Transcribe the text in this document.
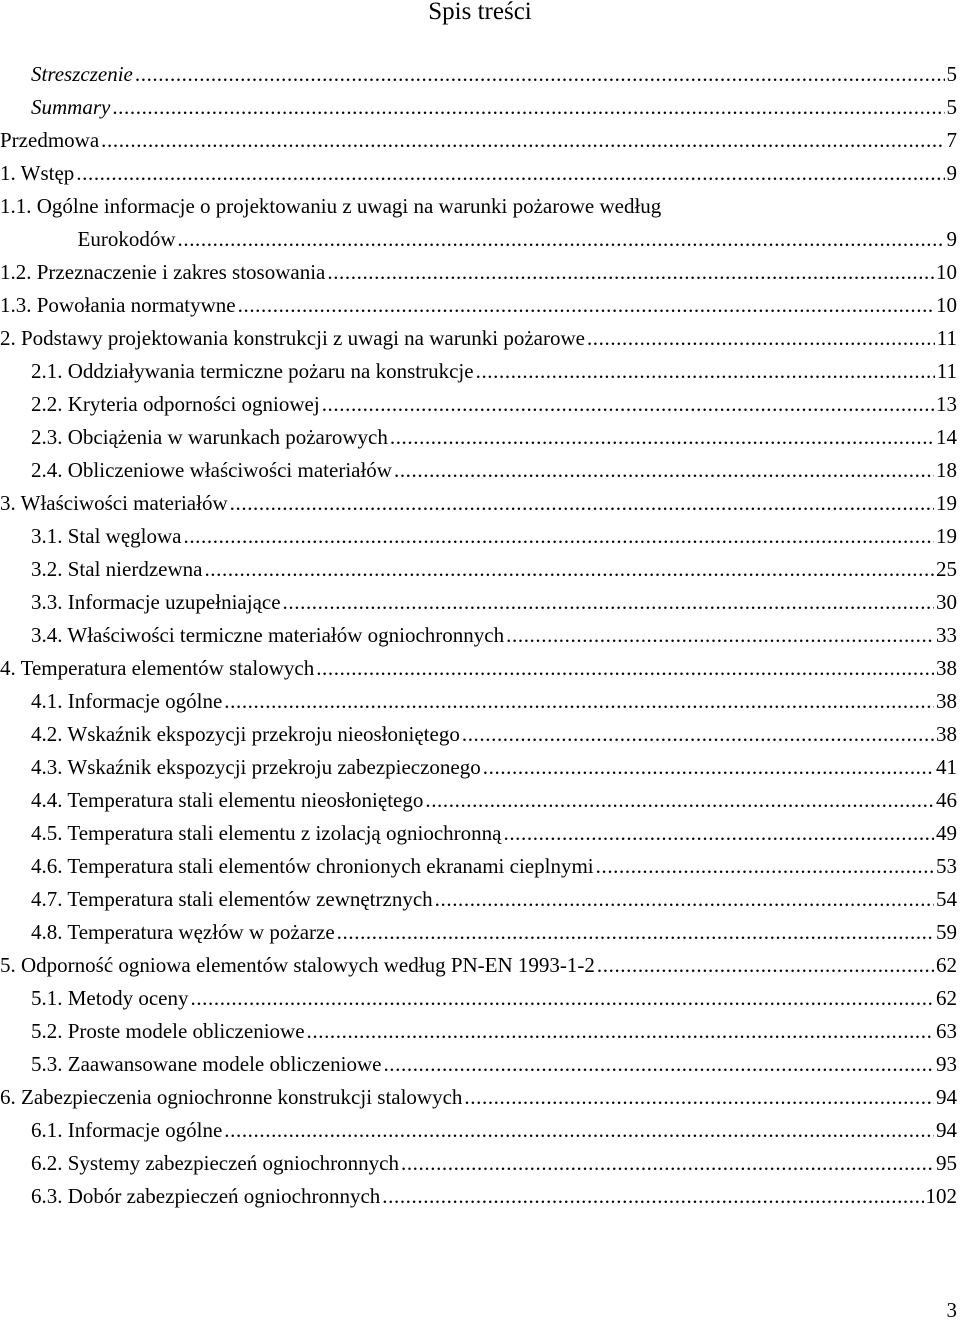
Spis treści
Streszczenie .....	5
Summary .....	5
Przedmowa .....	7
1. Wstęp .....	9
1.1. Ogólne informacje o projektowaniu z uwagi na warunki pożarowe według
Eurokodów .....	9
1.2. Przeznaczenie i zakres stosowania .....	10
1.3. Powołania normatywne .....	10
2. Podstawy projektowania konstrukcji z uwagi na warunki pożarowe .....	11
2.1. Oddziaływania termiczne pożaru na konstrukcje .....	11
2.2. Kryteria odporności ogniowej .....	13
2.3. Obciążenia w warunkach pożarowych .....	14
2.4. Obliczeniowe właściwości materiałów .....	18
3. Właściwości materiałów .....	19
3.1. Stal węglowa .....	19
3.2. Stal nierdzewna .....	25
3.3. Informacje uzupełniające .....	30
3.4. Właściwości termiczne materiałów ogniochronnych .....	33
4. Temperatura elementów stalowych .....	38
4.1. Informacje ogólne .....	38
4.2. Wskaźnik ekspozycji przekroju nieosłoniętego .....	38
4.3. Wskaźnik ekspozycji przekroju zabezpieczonego .....	41
4.4. Temperatura stali elementu nieosłoniętego .....	46
4.5. Temperatura stali elementu z izolacją ogniochronną .....	49
4.6. Temperatura stali elementów chronionych ekranami cieplnymi .....	53
4.7. Temperatura stali elementów zewnętrznych .....	54
4.8. Temperatura węzłów w pożarze .....	59
5. Odporność ogniowa elementów stalowych według PN-EN 1993-1-2 .....	62
5.1. Metody oceny .....	62
5.2. Proste modele obliczeniowe .....	63
5.3. Zaawansowane modele obliczeniowe .....	93
6. Zabezpieczenia ogniochronne konstrukcji stalowych .....	94
6.1. Informacje ogólne .....	94
6.2. Systemy zabezpieczeń ogniochronnych .....	95
6.3. Dobór zabezpieczeń ogniochronnych .....	102
3
